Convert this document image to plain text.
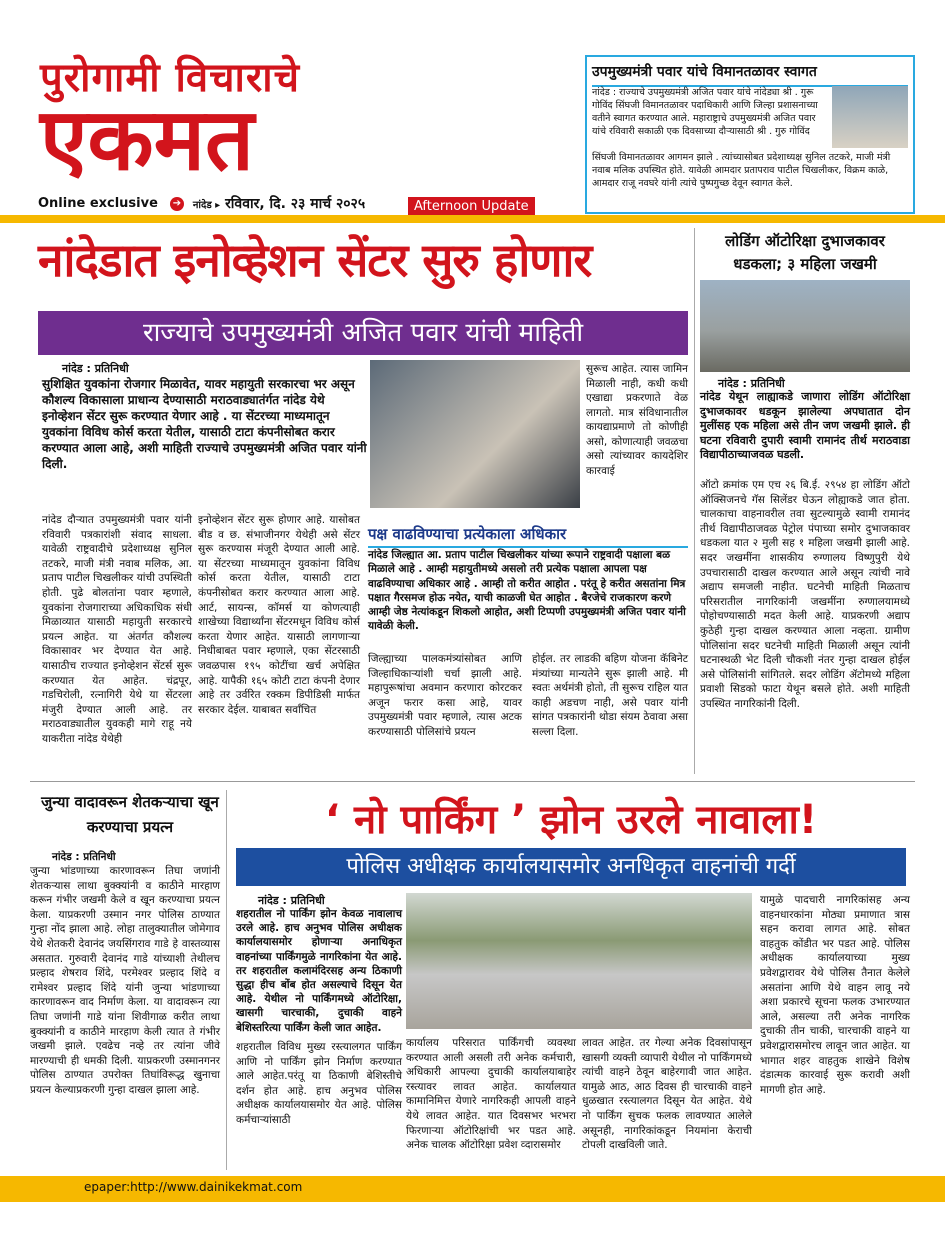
पुरोगामी विचाराचे
एकमत
Online exclusive ➔ नांदेड ▸ रविवार, दि. २३ मार्च २०२५	Afternoon Update
उपमुख्यमंत्री पवार यांचे विमानतळावर स्वागत
नांदेड : राज्याचे उपमुख्यमंत्री अजित पवार यांचे नांदेड्या श्री . गुरू गोविंद सिंघजी विमानतळावर पदाधिकारी आणि जिल्हा प्रशासनाच्या वतीने स्वागत करण्यात आले. महाराष्ट्राचे उपमुख्यमंत्री अजित पवार यांचे रविवारी सकाळी एक दिवसाच्या दौऱ्यासाठी श्री . गुरु गोविंद
सिंघजी विमानतळावर आगमन झाले . त्यांच्यासोबत प्रदेशाध्यक्ष सुनिल तटकरे, माजी मंत्री नवाब मलिक उपस्थित होते. यावेळी आमदार प्रतापराव पाटील चिखलीकर, विक्रम काळे, आमदार राजू नवघरे यांनी त्यांचे पुष्पगुच्छ देवून स्वागत केले.
नांदेडात इनोव्हेशन सेंटर सुरु होणार
राज्याचे उपमुख्यमंत्री अजित पवार यांची माहिती
नांदेड : प्रतिनिधी
सुशिक्षित युवकांना रोजगार मिळावेत, यावर महायुती सरकारचा भर असून कौशल्य विकासाला प्राधान्य देण्यासाठी मराठवाड्यातंर्गत नांदेड येथे इनोव्हेशन सेंटर सुरू करण्यात येणार आहे . या सेंटरच्या माध्यमातून युवकांना विविध कोर्स करता येतील, यासाठी टाटा कंपनीसोबत करार करण्यात आला आहे, अशी माहिती राज्याचे उपमुख्यमंत्री अजित पवार यांनी दिली.
सुरूच आहेत. त्यास जामिन मिळाली नाही, कधी कधी एखाद्या प्रकरणाते वेळ लागतो. मात्र संविधानातील कायद्याप्रमाणे तो कोणीही असो, कोणात्याही जवळचा असो त्यांच्यावर कायदेशिर कारवाई
नांदेड दौऱ्यात उपमुख्यमंत्री पवार यांनी रविवारी पत्रकारांशी संवाद साधला. यावेळी राष्ट्रवादीचे प्रदेशाध्यक्ष सुनिल तटकरे, माजी मंत्री नवाब मलिक, आ. प्रताप पाटील चिखलीकर यांची उपस्थिती होती. पुढे बोलतांना पवार म्हणाले, युवकांना रोजगाराच्या अधिकाधिक संधी मिळाव्यात यासाठी महायुती सरकारचे प्रयत्न आहेत. या अंतर्गत कौशल्य विकासावर भर देण्यात येत आहे. यासाठीच राज्यात इनोव्हेशन सेंटर्स सुरू करण्यात येत आहेत. चंद्रपूर, गडचिरोली, रत्नागिरी येथे या सेंटरला मंजुरी देण्यात आली आहे. तर मराठवाड्यातील युवकही मागे राहू नये याकरीता नांदेड येथेही
इनोव्हेशन सेंटर सुरू होणार आहे. यासोबत बीड व छ. संभाजीनगर येथेही असे सेंटर सुरू करण्यास मंजूरी देण्यात आली आहे. या सेंटरच्या माध्यमातून युवकांना विविध कोर्स करता येतील, यासाठी टाटा कंपनीसोबत करार करण्यात आला आहे. आर्ट, सायन्स, कॉमर्स या कोणत्याही शाखेच्या विद्यार्थ्यांना सेंटरमधून विविध कोर्स करता येणार आहेत. यासाठी लागणाऱ्या निधीबाबत पवार म्हणाले, एका सेंटरसाठी जवळपास १९५ कोटींचा खर्च अपेक्षित आहे. यापैकी १६५ कोटी टाटा कंपनी देणार आहे तर उर्वरित रक्कम डिपीडिसी मार्फत सरकार देईल. याबाबत सर्वांचित
पक्ष वाढविण्याचा प्रत्येकाला अधिकार
नांदेड जिल्ह्यात आ. प्रताप पाटील चिखलीकर यांच्या रूपाने राष्ट्रवादी पक्षाला बळ मिळाले आहे . आम्ही महायुतीमध्ये असलो तरी प्रत्येक पक्षाला आपला पक्ष वाढविण्याचा अधिकार आहे . आम्ही तो करीत आहोत . परंतू हे करीत असतांना मित्र पक्षात गैरसमज होऊ नयेत, याची काळजी घेत आहोत . बैरजेचे राजकारण करणे आम्ही जेष्ठ नेत्यांकडून शिकलो आहोत, अशी टिप्पणी उपमुख्यमंत्री अजित पवार यांनी यावेळी केली.
जिल्ह्याच्या पालकमंत्र्यांसोबत आणि जिल्हाधिकाऱ्यांशी चर्चा झाली आहे. महापुरूषांचा अवमान करणारा कोरटकर अजून फरार कसा आहे, यावर उपमुख्यमंत्री पवार म्हणाले, त्यास अटक करण्यासाठी पोलिसांचे प्रयत्न
होईल. तर लाडकी बहिण योजना कॅबिनेट मंत्र्यांच्या मान्यतेने सुरू झाली आहे. मी स्वतः अर्थमंत्री होतो, ती सुरूच राहिल यात काही अडचण नाही, असे पवार यांनी सांगत पत्रकारांनी थोडा संयम ठेवावा असा सल्ला दिला.
लोडिंग ऑटोरिक्षा दुभाजकावर धडकला; ३ महिला जखमी
नांदेड : प्रतिनिधी
नांदेड येथून लाह्याकडे जाणारा लोडिंग ऑटोरिक्षा दुभाजकावर धडकून झालेल्या अपघातात दोन मुलींसह एक महिला असे तीन जण जखमी झाले. ही घटना रविवारी दुपारी स्वामी रामानंद तीर्थ मराठवाडा विद्यापीठाच्याजवळ घडली.
ऑटो क्रमांक एम एच २६ बि.ई. २९५४ हा लोडिंग ऑटो ऑक्सिजनचे गॅस सिलेंडर घेऊन लोह्याकडे जात होता. चालकाचा वाहनावरील तवा सुटल्यामुळे स्वामी रामानंद तीर्थ विद्यापीठाजवळ पेट्रोल पंपाच्या समोर दुभाजकावर धडकला यात २ मुली सह १ महिला जखमी झाली आहे. सदर जखमींना शासकीय रुग्णालय विष्णुपुरी येथे उपचारासाठी दाखल करण्यात आले असून त्यांची नावे अद्याप समजली नाहीत. घटनेची माहिती मिळताच परिसरातील नागरिकांनी जखमींना रुग्णालयामध्ये पोहोचण्यासाठी मदत केली आहे. याप्रकरणी अद्याप कुठेही गुन्हा दाखल करण्यात आला नव्हता. ग्रामीण पोलिसांना सदर घटनेची माहिती मिळाली असून त्यांनी घटनास्थळी भेट दिली चौकशी नंतर गुन्हा दाखल होईल असे पोलिसांनी सांगितले. सदर लोडिंग ॲटोमध्ये महिला प्रवाशी सिडको फाटा येथून बसले होते. अशी माहिती उपस्थित नागरिकांनी दिली.
जुन्या वादावरून शेतकऱ्याचा खून करण्याचा प्रयत्न
नांदेड : प्रतिनिधी
जुन्या भांडणाच्या कारणावरून तिघा जणांनी शेतकऱ्यास लाथा बुक्क्यांनी व काठीने मारहाण करून गंभीर जखमी केले व खून करण्याचा प्रयत्न केला. याप्रकरणी उस्मान नगर पोलिस ठाण्यात गुन्हा नोंद झाला आहे. लोहा तालुक्यातील जोमेगाव येथे शेतकरी देवानंद जयसिंगराव गाडे हे वास्तव्यास असतात. गुरुवारी देवानंद गाडे यांच्याशी तेथीलच प्रल्हाद शेषराव शिंदे, परमेश्वर प्रल्हाद शिंदे व रामेश्वर प्रल्हाद शिंदे यांनी जुन्या भांडणाच्या कारणावरून वाद निर्माण केला. या वादावरून त्या तिघा जणांनी गाडे यांना शिवीगाळ करीत लाथा बुक्क्यांनी व काठीने मारहाण केली त्यात ते गंभीर जखमी झाले. एवढेच नव्हे तर त्यांना जीवे मारण्याची ही धमकी दिली. याप्रकरणी उस्मानगनर पोलिस ठाण्यात उपरोक्त तिघांविरूद्ध खुनाचा प्रयत्न केल्याप्रकरणी गुन्हा दाखल झाला आहे.
‘ नो पार्किंग ’ झोन उरले नावाला!
पोलिस अधीक्षक कार्यालयासमोर अनधिकृत वाहनांची गर्दी
नांदेड : प्रतिनिधी
शहरातील नो पार्किंग झोन केवळ नावालाच उरले आहे. हाच अनुभव पोलिस अधीक्षक कार्यालयासमोर होणाऱ्या अनाधिकृत वाहनांच्या पार्किंगमुळे नागरिकांना येत आहे. तर शहरातील कलामंदिरसह अन्य ठिकाणी सुद्धा हीच बोंब होत असल्याचे दिसून येत आहे. येथील नो पार्किंगमध्ये ऑटोरिक्षा, खासगी चारचाकी, दुचाकी वाहने बेशिस्तरित्या पार्किंग केली जात आहेत.
शहरातील विविध मुख्य रस्त्यालगत पार्किंग आणि नो पार्किंग झोन निर्माण करण्यात आले आहेत.परंतू या ठिकाणी बेशिस्तीचे दर्शन होत आहे. हाच अनुभव पोलिस अधीक्षक कार्यालयासमोर येत आहे. पोलिस कर्मचाऱ्यांसाठी
कार्यालय परिसरात पार्किंगची व्यवस्था करण्यात आली असली तरी अनेक कर्मचारी, अधिकारी आपल्या दुचाकी कार्यालयाबाहेर रस्त्यावर लावत आहेत. कार्यालयात कामानिमित्त येणारे नागरिकही आपली वाहने येथे लावत आहेत. यात दिवसभर भरभरा फिरणाऱ्या ऑटोरिक्षांची भर पडत आहे. अनेक चालक ऑटोरिक्षा प्रवेश व्दारासमोर
लावत आहेत. तर गेल्या अनेक दिवसांपासून खासगी व्यक्ती व्यापारी येथील नो पार्किंगमध्ये त्यांची वाहने ठेवून बाहेरगावी जात आहेत. यामुळे आठ, आठ दिवस ही चारचाकी वाहने धुळखात रस्त्यालगत दिसून येत आहेत. येथे नो पार्किंग सुचक फलक लावण्यात आलेले असूनही, नागरिकांकडून नियमांना केराची टोपली दाखविली जाते.
यामुळे पादचारी नागरिकांसह अन्य वाहनधारकांना मोठ्या प्रमाणात त्रास सहन करावा लागत आहे. सोबत वाहतुक कोंडीत भर पडत आहे. पोलिस अधीक्षक कार्यालयाच्या मुख्य प्रवेशद्वारावर येथे पोलिस तैनात केलेले असतांना आणि येथे वाहन लावू नये अशा प्रकारचे सूचना फलक उभारण्यात आले, असल्या तरी अनेक नागरिक दुचाकी तीन चाकी, चारचाकी वाहने या प्रवेशद्वारासमोरच लावून जात आहेत. या भागात शहर वाहतुक शाखेने विशेष दंडात्मक कारवाई सुरू करावी अशी मागणी होत आहे.
epaper:http://www.dainikekmat.com
